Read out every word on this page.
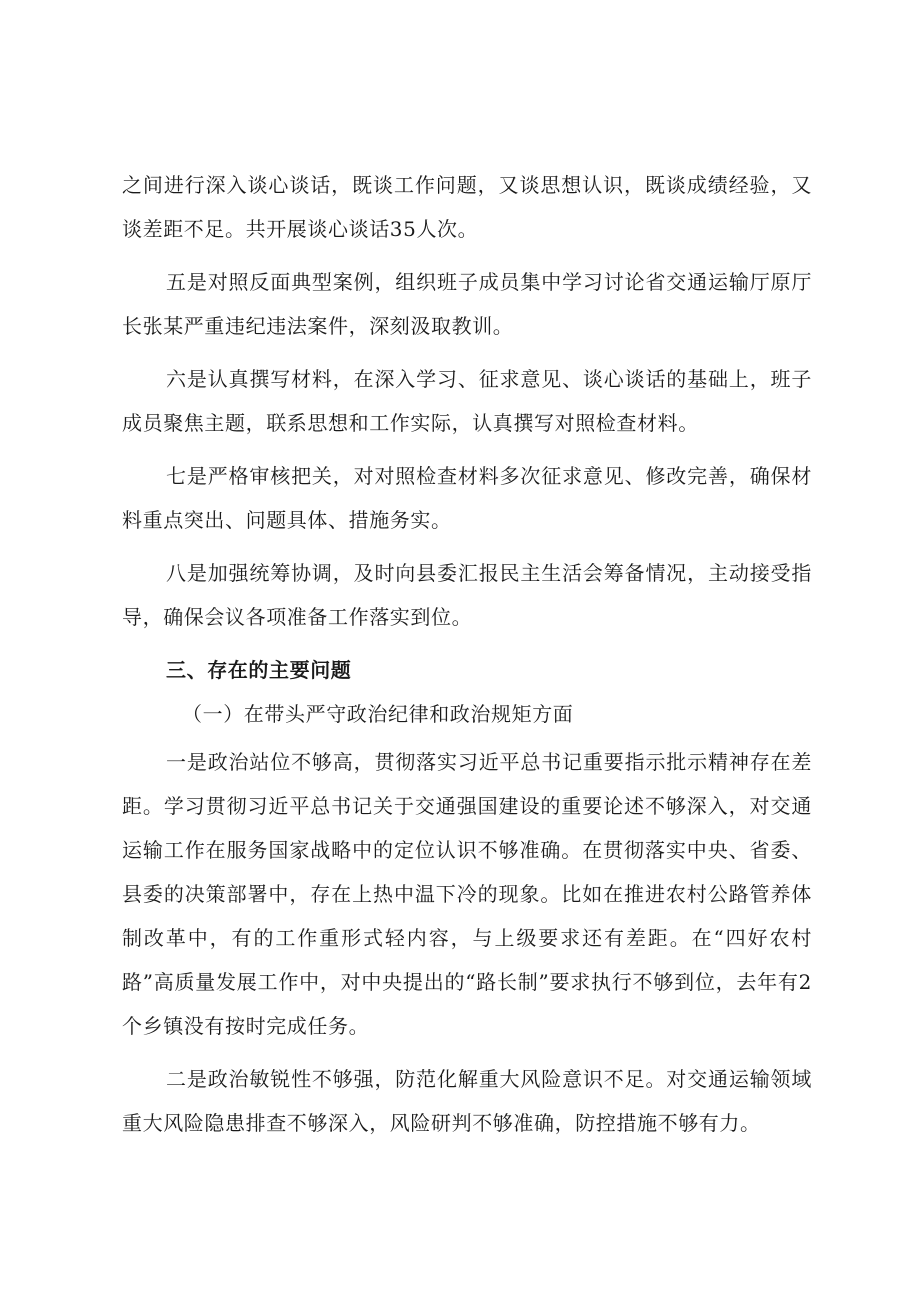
之间进行深入谈心谈话，既谈工作问题，又谈思想认识，既谈成绩经验，又谈差距不足。共开展谈心谈话35人次。

五是对照反面典型案例，组织班子成员集中学习讨论省交通运输厅原厅长张某严重违纪违法案件，深刻汲取教训。

六是认真撰写材料，在深入学习、征求意见、谈心谈话的基础上，班子成员聚焦主题，联系思想和工作实际，认真撰写对照检查材料。

七是严格审核把关，对对照检查材料多次征求意见、修改完善，确保材料重点突出、问题具体、措施务实。

八是加强统筹协调，及时向县委汇报民主生活会筹备情况，主动接受指导，确保会议各项准备工作落实到位。

三、存在的主要问题

（一）在带头严守政治纪律和政治规矩方面

一是政治站位不够高，贯彻落实习近平总书记重要指示批示精神存在差距。学习贯彻习近平总书记关于交通强国建设的重要论述不够深入，对交通运输工作在服务国家战略中的定位认识不够准确。在贯彻落实中央、省委、县委的决策部署中，存在上热中温下冷的现象。比如在推进农村公路管养体制改革中，有的工作重形式轻内容，与上级要求还有差距。在“四好农村路”高质量发展工作中，对中央提出的“路长制”要求执行不够到位，去年有2个乡镇没有按时完成任务。

二是政治敏锐性不够强，防范化解重大风险意识不足。对交通运输领域重大风险隐患排查不够深入，风险研判不够准确，防控措施不够有力。
